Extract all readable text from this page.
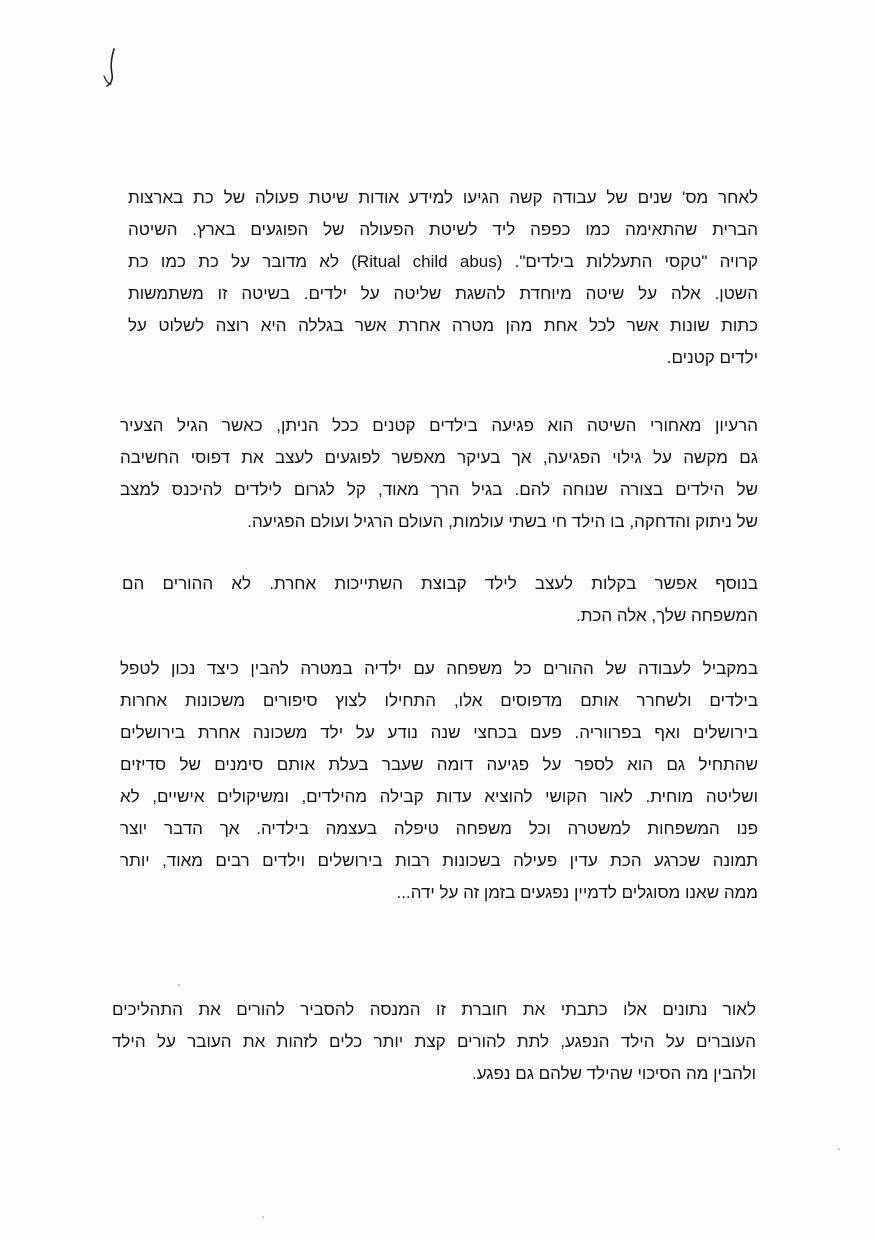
לאחר מס' שנים של עבודה קשה הגיעו למידע אודות שיטת פעולה של כת בארצות
הברית שהתאימה כמו כפפה ליד לשיטת הפעולה של הפוגעים בארץ. השיטה
קרויה "טקסי התעללות בילדים". (Ritual child abus) לא מדובר על כת כמו כת
השטן. אלה על שיטה מיוחדת להשגת שליטה על ילדים. בשיטה זו משתמשות
כתות שונות אשר לכל אחת מהן מטרה אחרת אשר בגללה היא רוצה לשלוט על
ילדים קטנים.

הרעיון מאחורי השיטה הוא פגיעה בילדים קטנים ככל הניתן, כאשר הגיל הצעיר
גם מקשה על גילוי הפגיעה, אך בעיקר מאפשר לפוגעים לעצב את דפוסי החשיבה
של הילדים בצורה שנוחה להם. בגיל הרך מאוד, קל לגרום לילדים להיכנס למצב
של ניתוק והדחקה, בו הילד חי בשתי עולמות, העולם הרגיל ועולם הפגיעה.

בנוסף אפשר בקלות לעצב לילד קבוצת השתייכות אחרת. לא ההורים הם
המשפחה שלך, אלה הכת.

במקביל לעבודה של ההורים כל משפחה עם ילדיה במטרה להבין כיצד נכון לטפל
בילדים ולשחרר אותם מדפוסים אלו, התחילו לצוץ סיפורים משכונות אחרות
בירושלים ואף בפרווריה. פעם בכחצי שנה נודע על ילד משכונה אחרת בירושלים
שהתחיל גם הוא לספר על פגיעה דומה שעבר בעלת אותם סימנים של סדיזים
ושליטה מוחית. לאור הקושי להוציא עדות קבילה מהילדים, ומשיקולים אישיים, לא
פנו המשפחות למשטרה וכל משפחה טיפלה בעצמה בילדיה. אך הדבר יוצר
תמונה שכרגע הכת עדין פעילה בשכונות רבות בירושלים וילדים רבים מאוד, יותר
ממה שאנו מסוגלים לדמיין נפגעים בזמן זה על ידה...

לאור נתונים אלו כתבתי את חוברת זו המנסה להסביר להורים את התהליכים
העוברים על הילד הנפגע, לתת להורים קצת יותר כלים לזהות את העובר על הילד
ולהבין מה הסיכוי שהילד שלהם גם נפגע.
